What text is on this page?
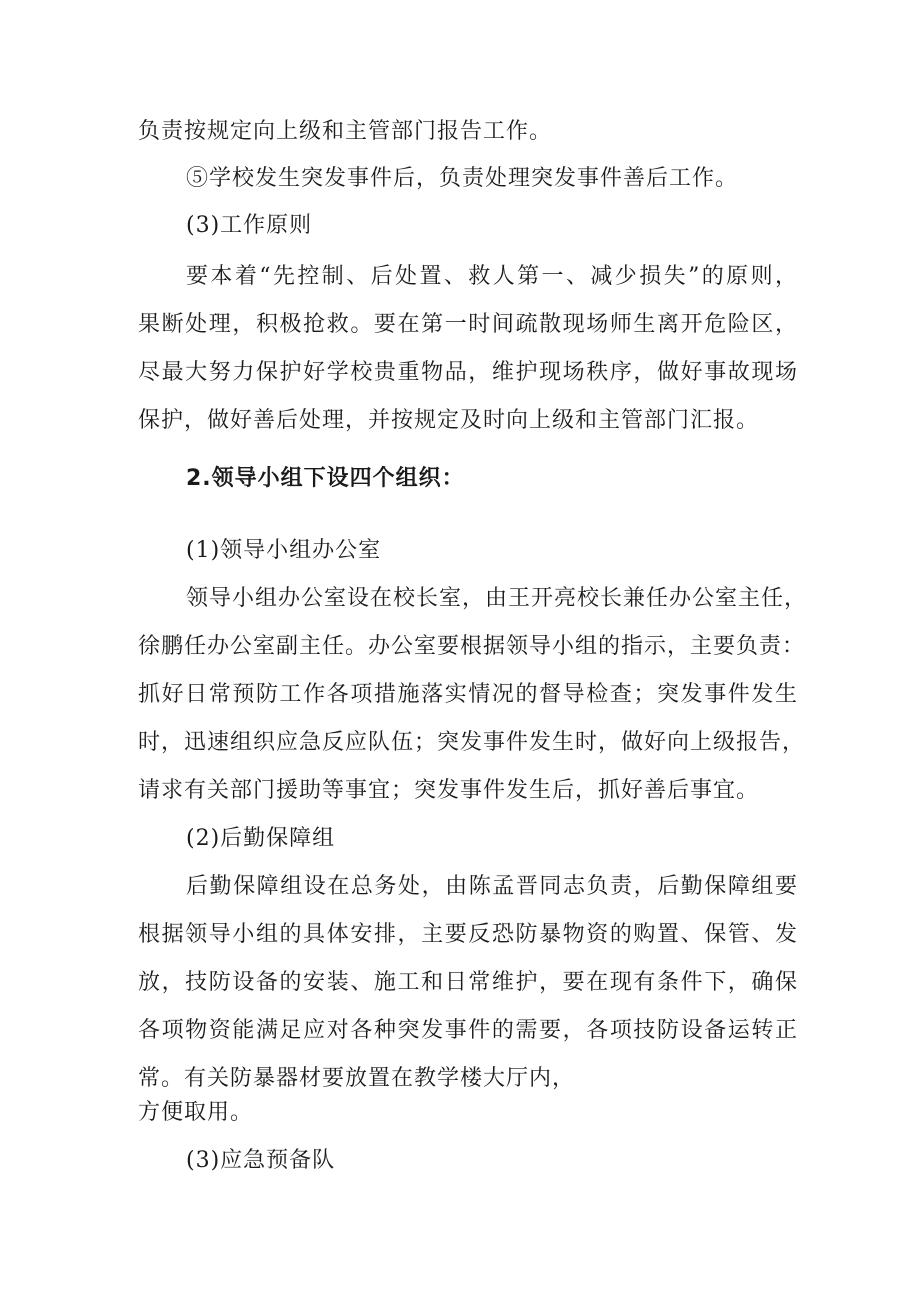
负责按规定向上级和主管部门报告工作。
⑤学校发生突发事件后，负责处理突发事件善后工作。
(3)工作原则
要本着“先控制、后处置、救人第一、减少损失”的原则，
果断处理，积极抢救。要在第一时间疏散现场师生离开危险区，
尽最大努力保护好学校贵重物品，维护现场秩序，做好事故现场
保护，做好善后处理，并按规定及时向上级和主管部门汇报。
2.领导小组下设四个组织：
(1)领导小组办公室
领导小组办公室设在校长室，由王开亮校长兼任办公室主任，
徐鹏任办公室副主任。办公室要根据领导小组的指示，主要负责：
抓好日常预防工作各项措施落实情况的督导检查；突发事件发生
时，迅速组织应急反应队伍；突发事件发生时，做好向上级报告，
请求有关部门援助等事宜；突发事件发生后，抓好善后事宜。
(2)后勤保障组
后勤保障组设在总务处，由陈孟晋同志负责，后勤保障组要
根据领导小组的具体安排，主要反恐防暴物资的购置、保管、发
放，技防设备的安装、施工和日常维护，要在现有条件下，确保
各项物资能满足应对各种突发事件的需要，各项技防设备运转正
常。有关防暴器材要放置在教学楼大厅内，
方便取用。
(3)应急预备队
